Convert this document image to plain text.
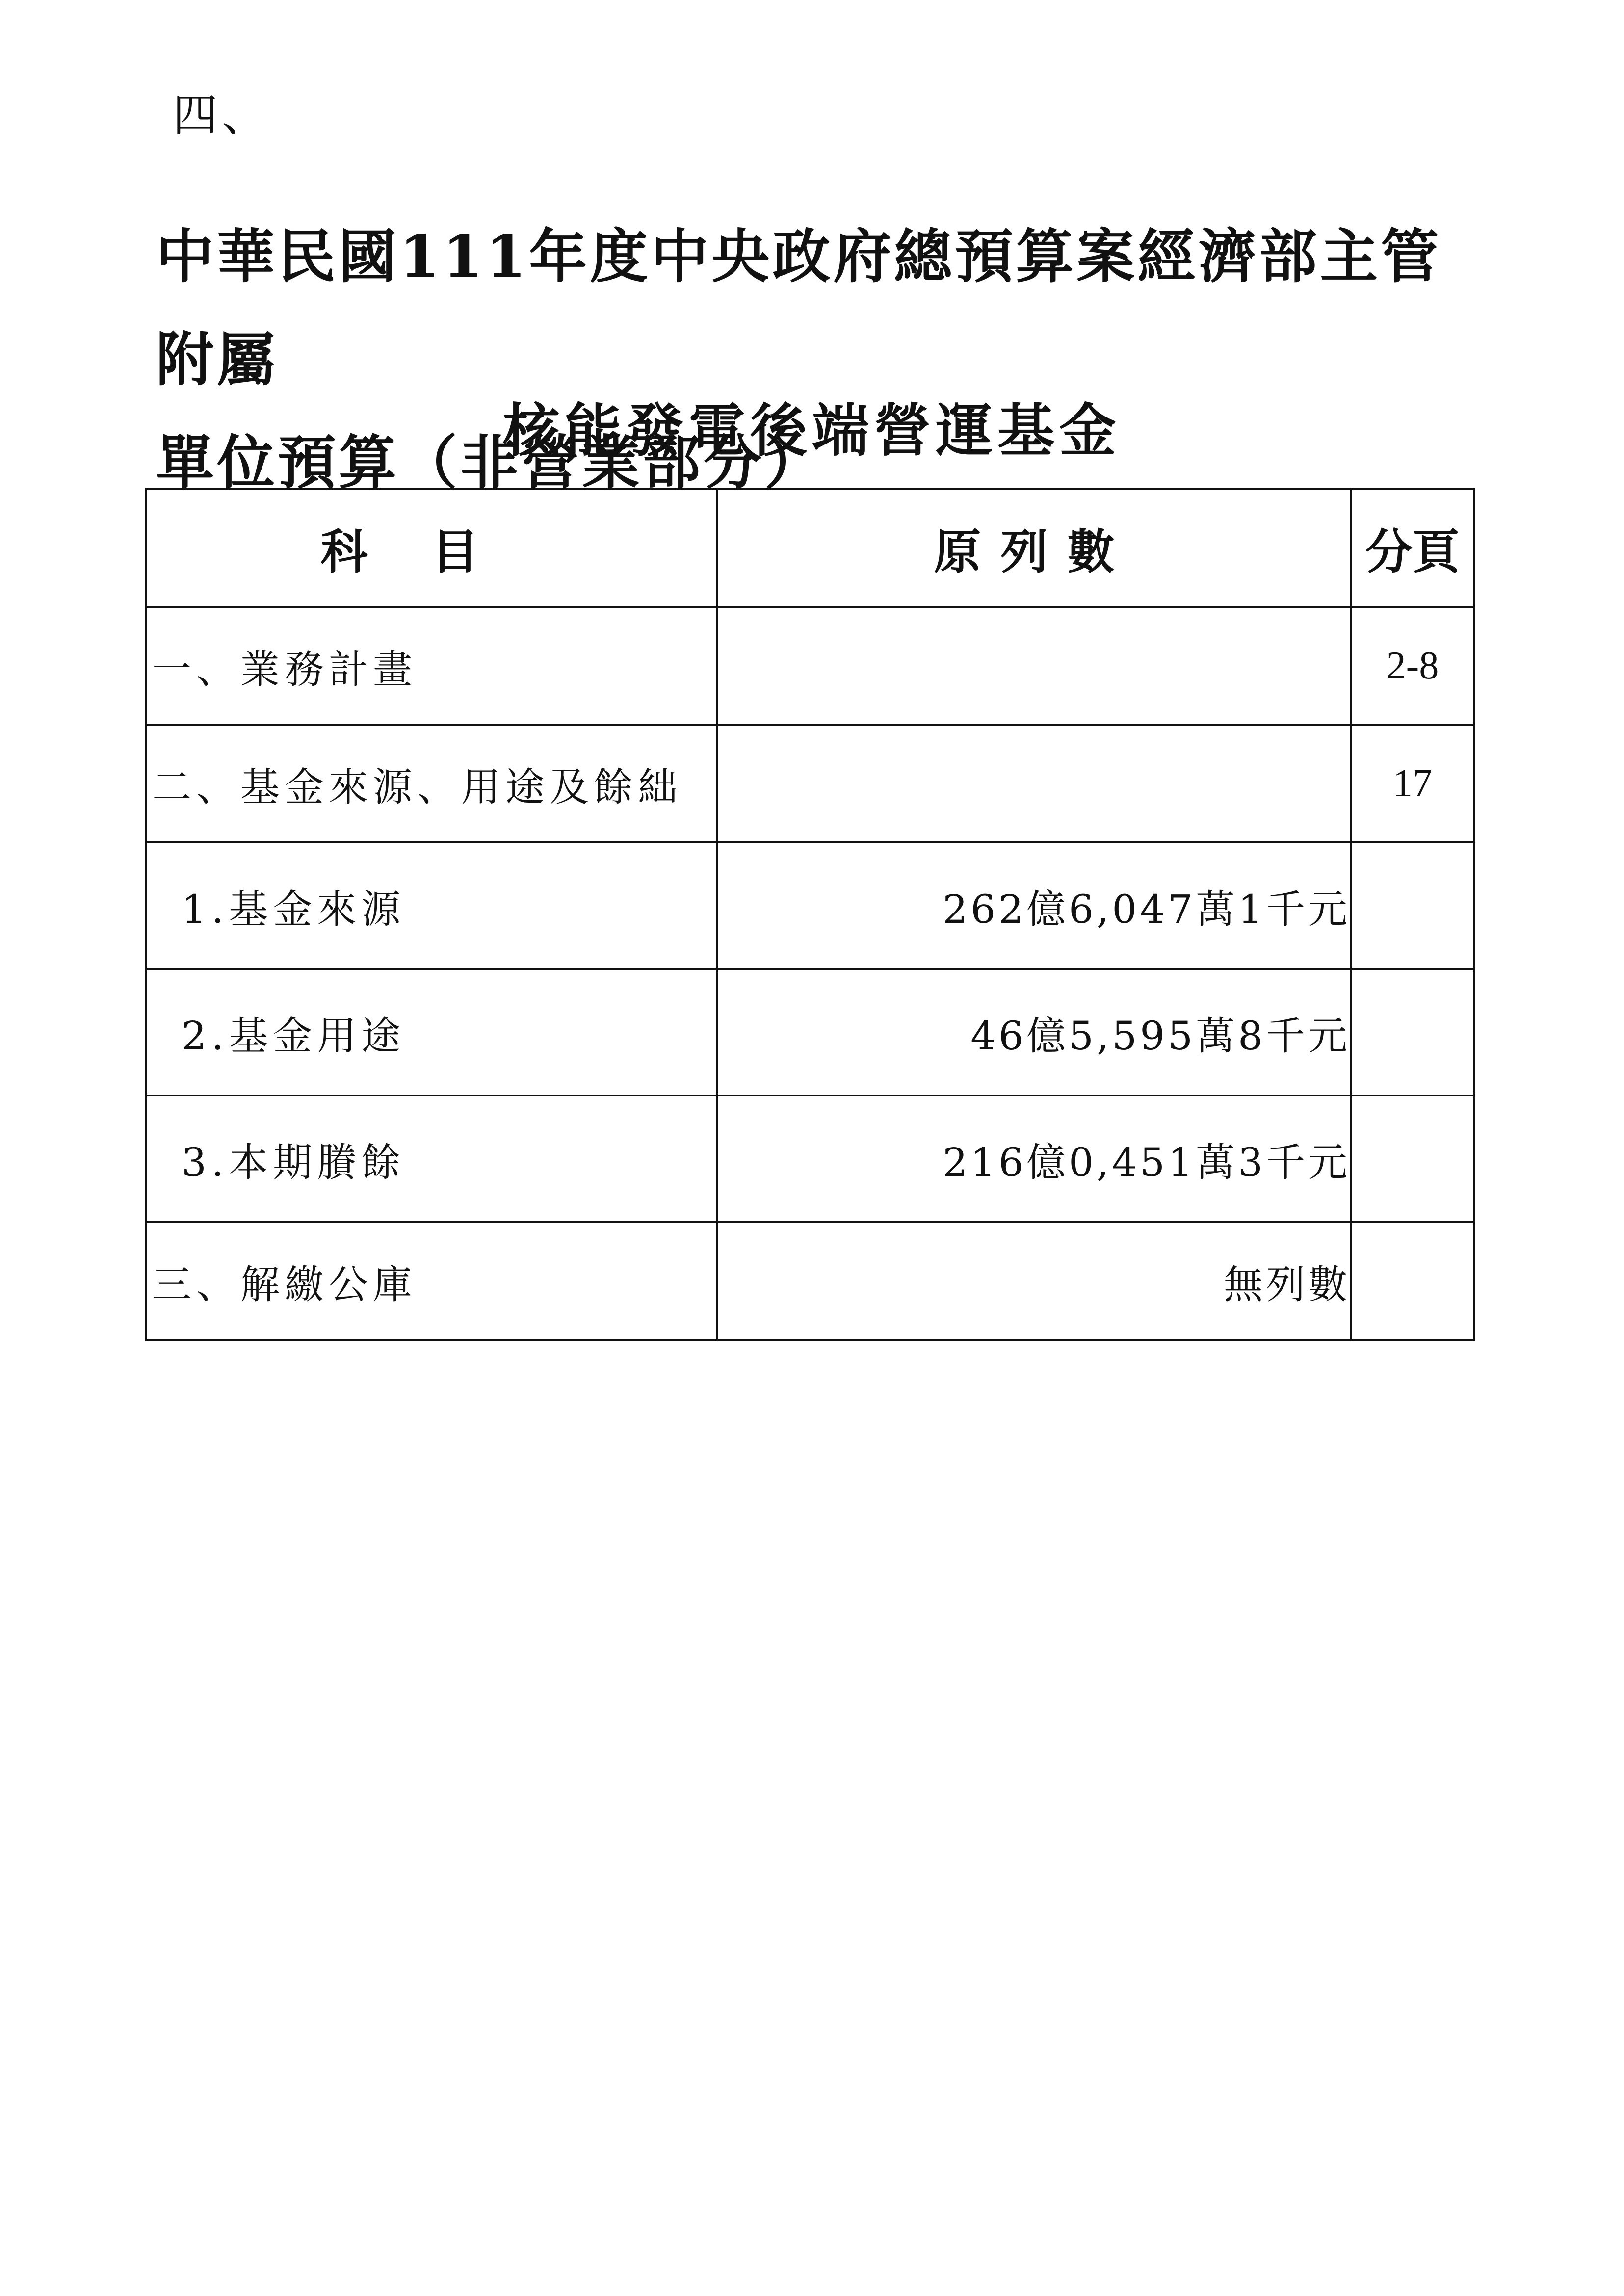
四、
中華民國111年度中央政府總預算案經濟部主管附屬
單位預算（非營業部分）
核能發電後端營運基金
科目	原列數	分頁
一、業務計畫		2-8
二、基金來源、用途及餘絀		17
1.基金來源	262億6,047萬1千元	
2.基金用途	46億5,595萬8千元	
3.本期賸餘	216億0,451萬3千元	
三、解繳公庫	無列數	
